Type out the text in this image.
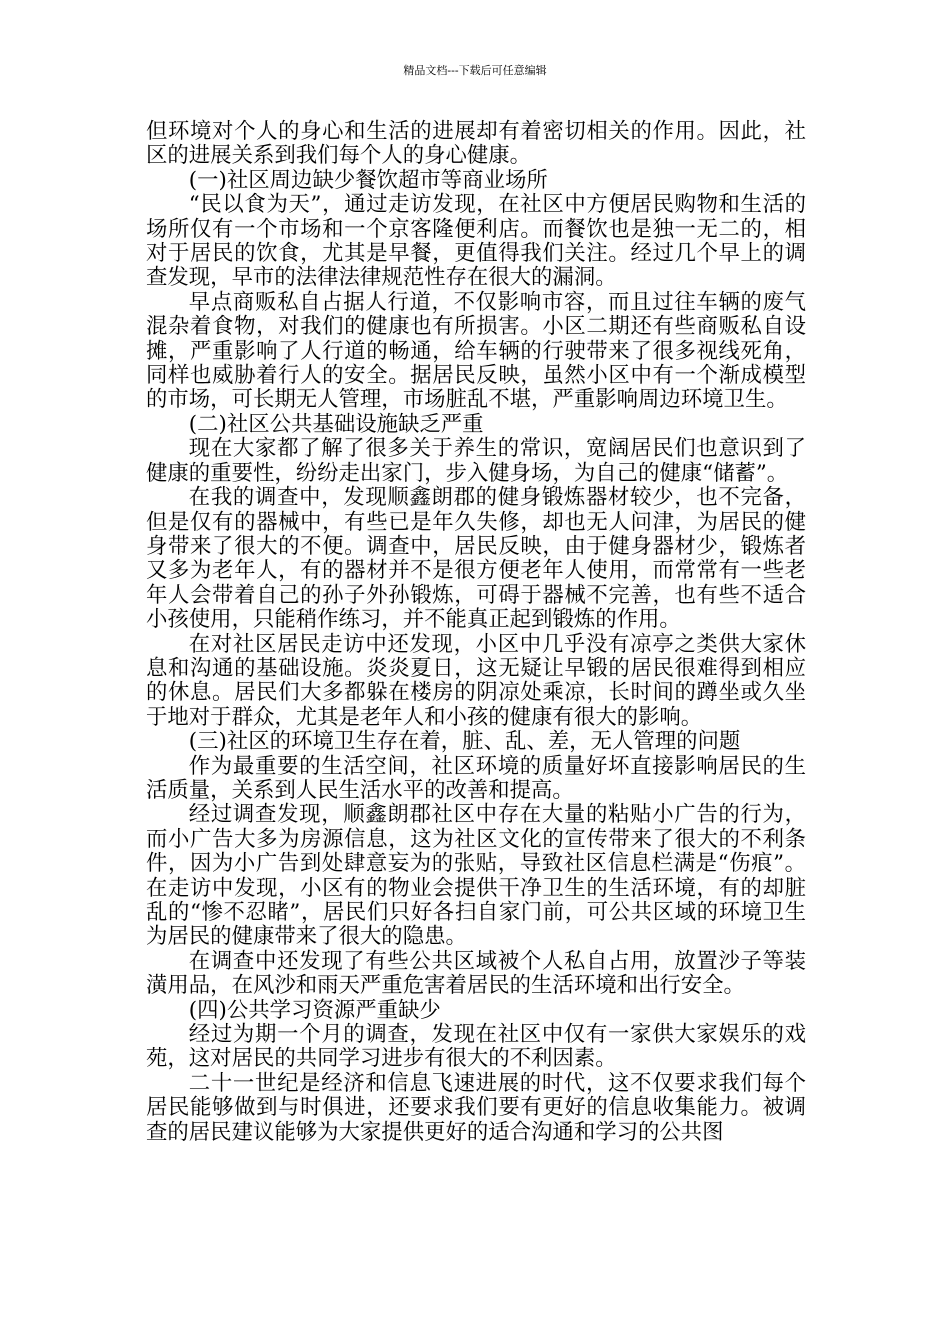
精品文档---下载后可任意编辑

但环境对个人的身心和生活的进展却有着密切相关的作用。因此，社区的进展关系到我们每个人的身心健康。

(一)社区周边缺少餐饮超市等商业场所

“民以食为天”，通过走访发现，在社区中方便居民购物和生活的场所仅有一个市场和一个京客隆便利店。而餐饮也是独一无二的，相对于居民的饮食，尤其是早餐，更值得我们关注。经过几个早上的调查发现，早市的法律法律规范性存在很大的漏洞。

早点商贩私自占据人行道，不仅影响市容，而且过往车辆的废气混杂着食物，对我们的健康也有所损害。小区二期还有些商贩私自设摊，严重影响了人行道的畅通，给车辆的行驶带来了很多视线死角，同样也威胁着行人的安全。据居民反映，虽然小区中有一个渐成模型的市场，可长期无人管理，市场脏乱不堪，严重影响周边环境卫生。

(二)社区公共基础设施缺乏严重

现在大家都了解了很多关于养生的常识，宽阔居民们也意识到了健康的重要性，纷纷走出家门，步入健身场，为自己的健康“储蓄”。

在我的调查中，发现顺鑫朗郡的健身锻炼器材较少，也不完备，但是仅有的器械中，有些已是年久失修，却也无人问津，为居民的健身带来了很大的不便。调查中，居民反映，由于健身器材少，锻炼者又多为老年人，有的器材并不是很方便老年人使用，而常常有一些老年人会带着自己的孙子外孙锻炼，可碍于器械不完善，也有些不适合小孩使用，只能稍作练习，并不能真正起到锻炼的作用。

在对社区居民走访中还发现，小区中几乎没有凉亭之类供大家休息和沟通的基础设施。炎炎夏日，这无疑让早锻的居民很难得到相应的休息。居民们大多都躲在楼房的阴凉处乘凉，长时间的蹲坐或久坐于地对于群众，尤其是老年人和小孩的健康有很大的影响。

(三)社区的环境卫生存在着，脏、乱、差，无人管理的问题

作为最重要的生活空间，社区环境的质量好坏直接影响居民的生活质量，关系到人民生活水平的改善和提高。

经过调查发现，顺鑫朗郡社区中存在大量的粘贴小广告的行为，而小广告大多为房源信息，这为社区文化的宣传带来了很大的不利条件，因为小广告到处肆意妄为的张贴，导致社区信息栏满是“伤痕”。在走访中发现，小区有的物业会提供干净卫生的生活环境，有的却脏乱的“惨不忍睹”，居民们只好各扫自家门前，可公共区域的环境卫生为居民的健康带来了很大的隐患。

在调查中还发现了有些公共区域被个人私自占用，放置沙子等装潢用品，在风沙和雨天严重危害着居民的生活环境和出行安全。

(四)公共学习资源严重缺少

经过为期一个月的调查，发现在社区中仅有一家供大家娱乐的戏苑，这对居民的共同学习进步有很大的不利因素。

二十一世纪是经济和信息飞速进展的时代，这不仅要求我们每个居民能够做到与时俱进，还要求我们要有更好的信息收集能力。被调查的居民建议能够为大家提供更好的适合沟通和学习的公共图
